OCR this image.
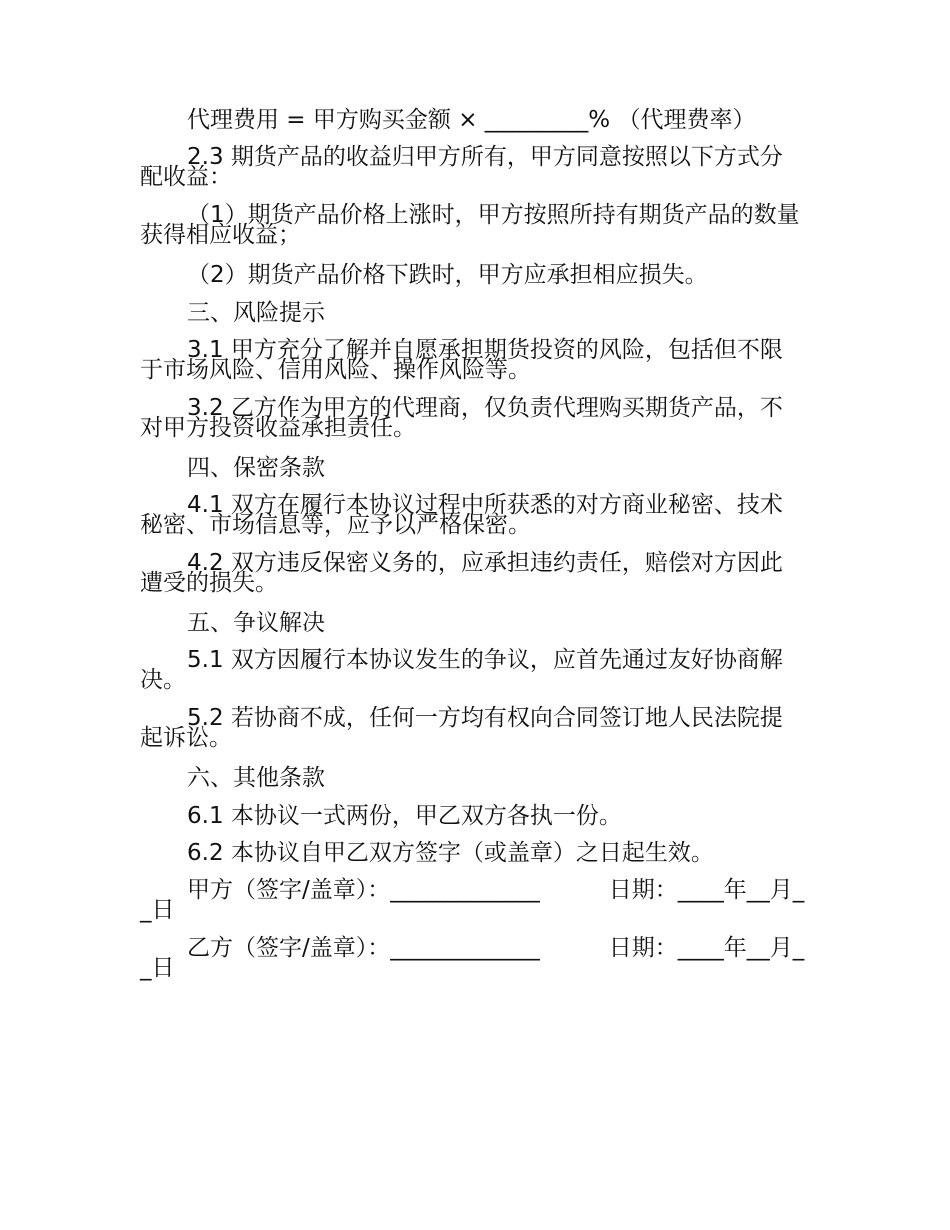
代理费用 = 甲方购买金额 × _________% （代理费率）

2.3 期货产品的收益归甲方所有，甲方同意按照以下方式分配收益：

（1）期货产品价格上涨时，甲方按照所持有期货产品的数量获得相应收益；

（2）期货产品价格下跌时，甲方应承担相应损失。

三、风险提示

3.1 甲方充分了解并自愿承担期货投资的风险，包括但不限于市场风险、信用风险、操作风险等。

3.2 乙方作为甲方的代理商，仅负责代理购买期货产品，不对甲方投资收益承担责任。

四、保密条款

4.1 双方在履行本协议过程中所获悉的对方商业秘密、技术秘密、市场信息等，应予以严格保密。

4.2 双方违反保密义务的，应承担违约责任，赔偿对方因此遭受的损失。

五、争议解决

5.1 双方因履行本协议发生的争议，应首先通过友好协商解决。

5.2 若协商不成，任何一方均有权向合同签订地人民法院提起诉讼。

六、其他条款

6.1 本协议一式两份，甲乙双方各执一份。

6.2 本协议自甲乙双方签字（或盖章）之日起生效。

甲方（签字/盖章）：_____________　　　日期：____年__月__日

乙方（签字/盖章）：_____________　　　日期：____年__月__日
